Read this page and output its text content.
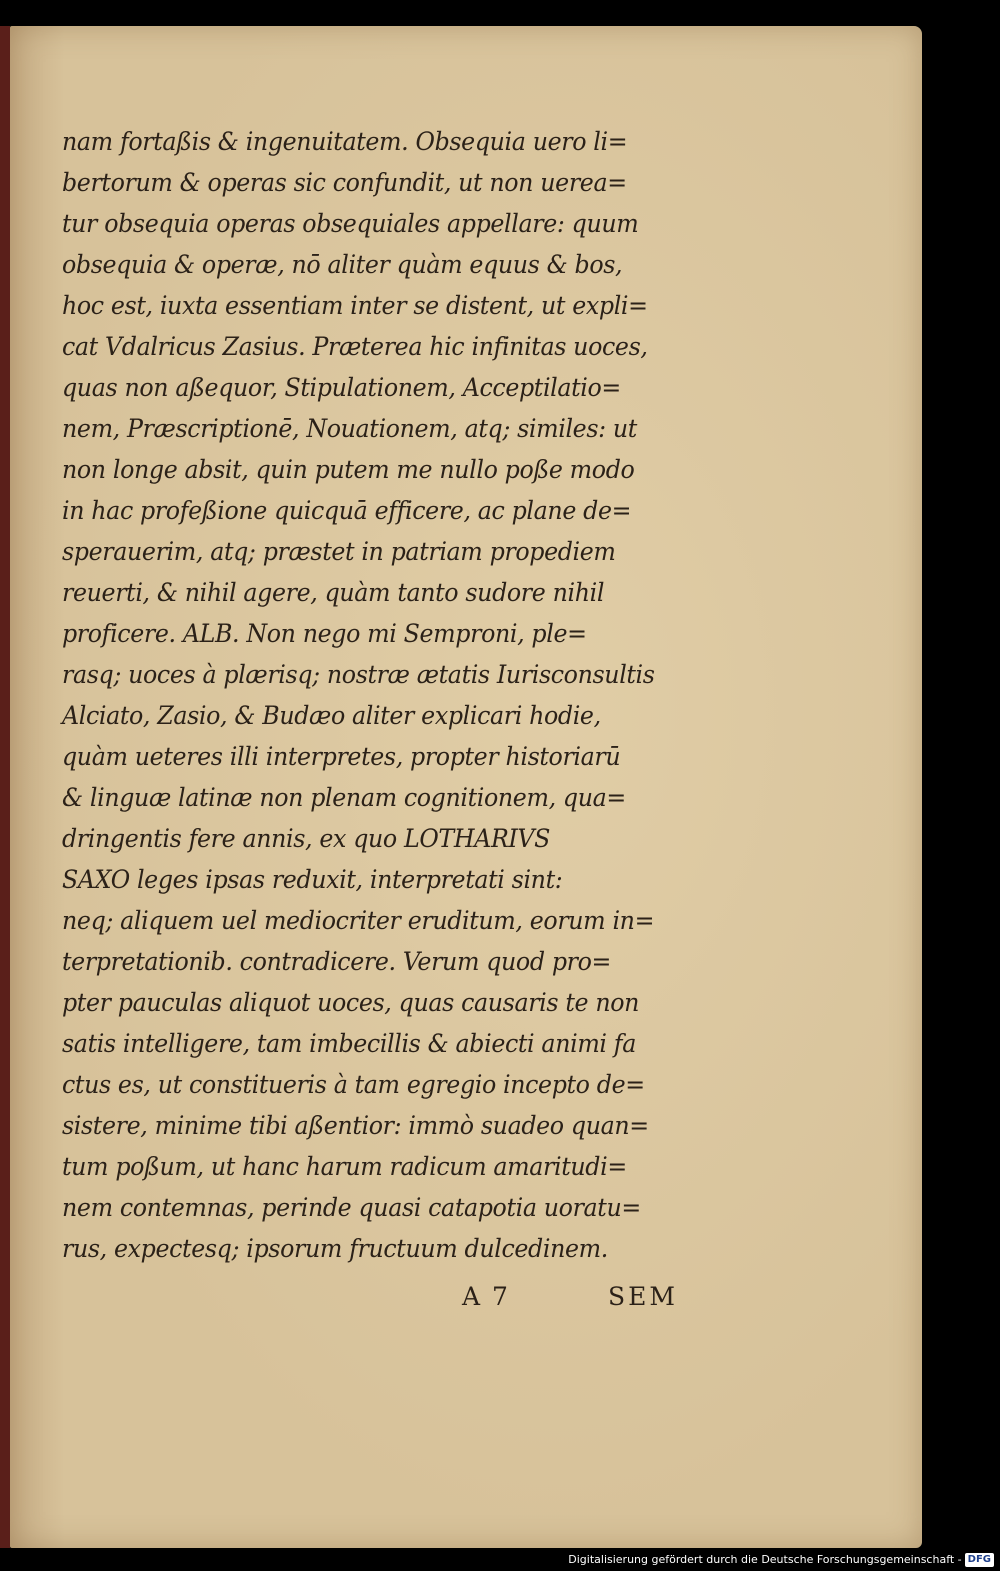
nam fortaßis & ingenuitatem. Obsequia uero li=
bertorum & operas sic confundit, ut non uerea=
tur obsequia operas obsequiales appellare: quum
obsequia & operæ, nō aliter quàm equus & bos,
hoc est, iuxta essentiam inter se distent, ut expli=
cat Vdalricus Zasius. Præterea hic infinitas uoces,
quas non aßequor, Stipulationem, Acceptilatio=
nem, Præscriptionē, Nouationem, atq; similes: ut
non longe absit, quin putem me nullo poße modo
in hac profeßione quicquā efficere, ac plane de=
sperauerim, atq; præstet in patriam propediem
reuerti, & nihil agere, quàm tanto sudore nihil
proficere. ALB. Non nego mi Semproni, ple=
rasq; uoces à plærisq; nostræ ætatis Iurisconsultis
Alciato, Zasio, & Budæo aliter explicari hodie,
quàm ueteres illi interpretes, propter historiarū
& linguæ latinæ non plenam cognitionem, qua=
dringentis fere annis, ex quo LOTHARIVS
SAXO leges ipsas reduxit, interpretati sint:
neq; aliquem uel mediocriter eruditum, eorum in=
terpretationib. contradicere. Verum quod pro=
pter pauculas aliquot uoces, quas causaris te non
satis intelligere, tam imbecillis & abiecti animi fa
ctus es, ut constitueris à tam egregio incepto de=
sistere, minime tibi aßentior: immò suadeo quan=
tum poßum, ut hanc harum radicum amaritudi=
nem contemnas, perinde quasi catapotia uoratu=
rus, expectesq; ipsorum fructuum dulcedinem.
A 7	SEM
Digitalisierung gefördert durch die Deutsche Forschungsgemeinschaft - DFG
